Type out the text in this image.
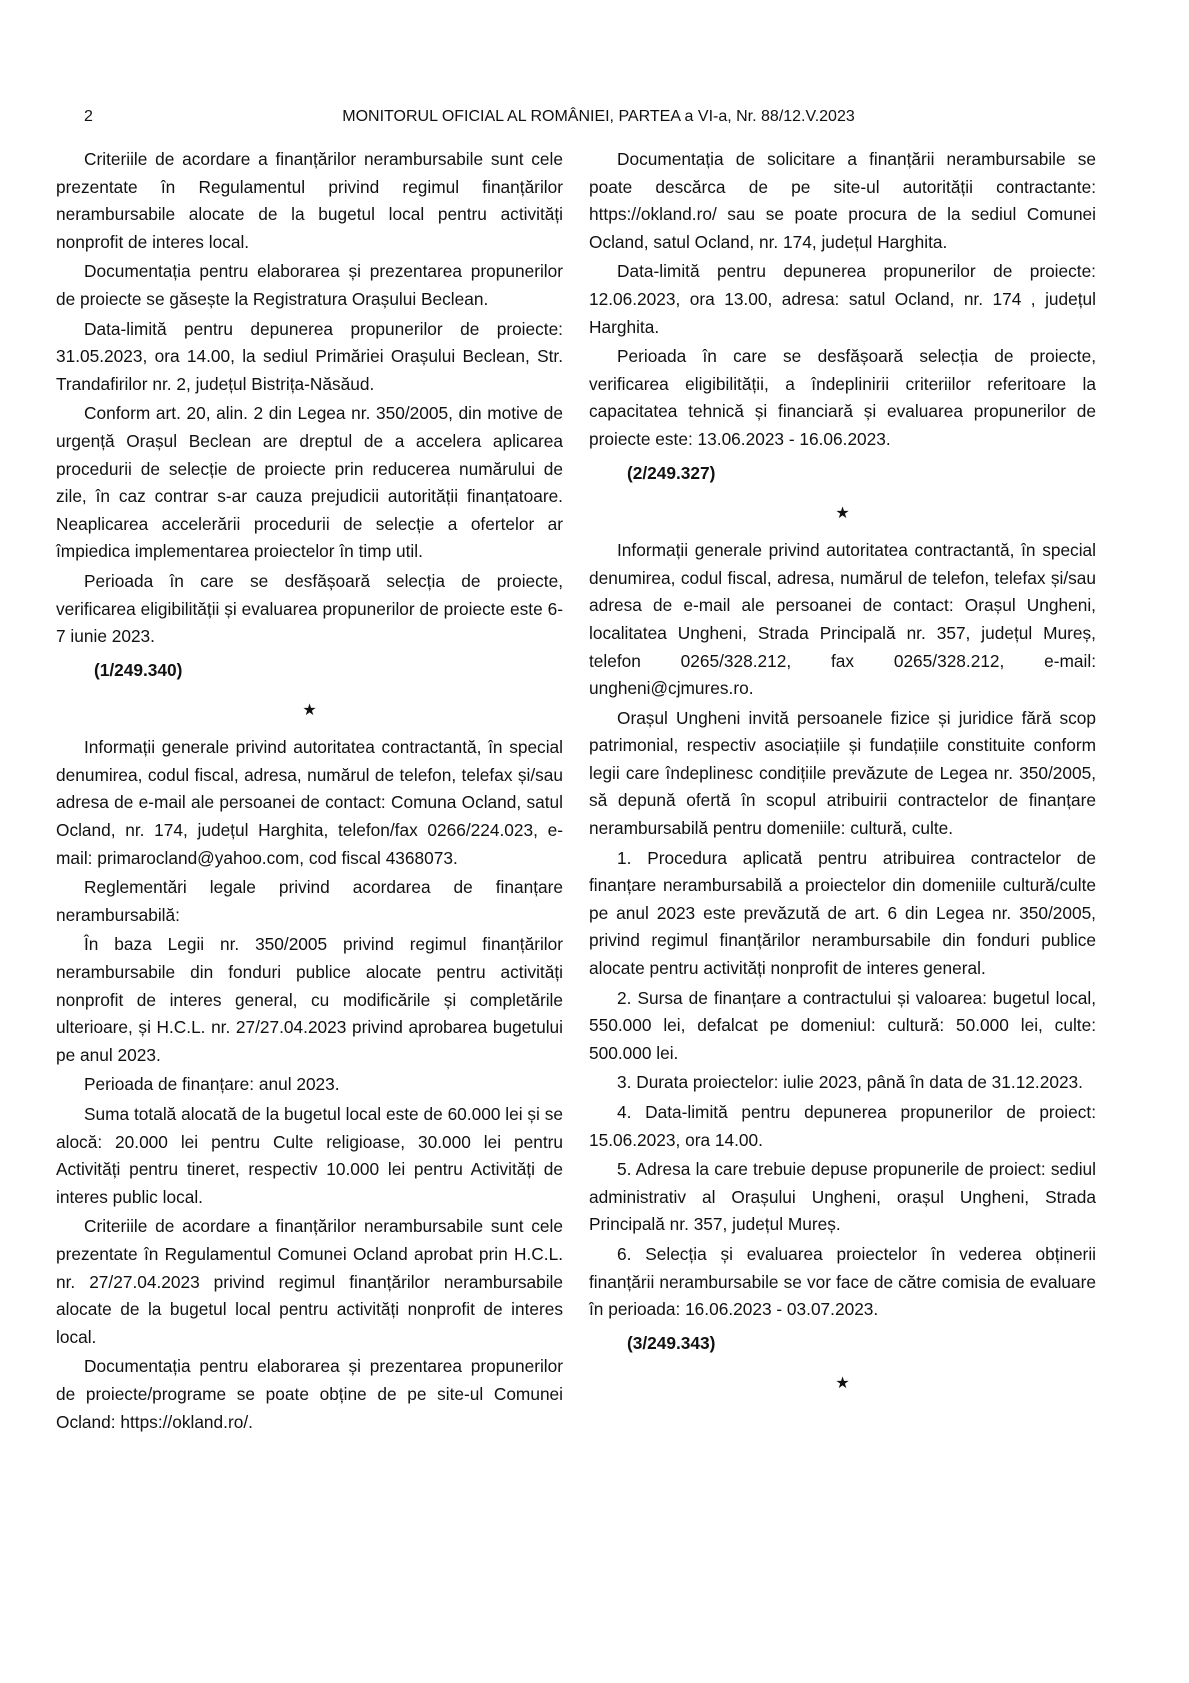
2	MONITORUL OFICIAL AL ROMÂNIEI, PARTEA a VI-a, Nr. 88/12.V.2023

Criteriile de acordare a finanțărilor nerambursabile sunt cele prezentate în Regulamentul privind regimul finanțărilor nerambursabile alocate de la bugetul local pentru activități nonprofit de interes local.

Documentația pentru elaborarea și prezentarea propunerilor de proiecte se găsește la Registratura Orașului Beclean.

Data-limită pentru depunerea propunerilor de proiecte: 31.05.2023, ora 14.00, la sediul Primăriei Orașului Beclean, Str. Trandafirilor nr. 2, județul Bistrița-Năsăud.

Conform art. 20, alin. 2 din Legea nr. 350/2005, din motive de urgență Orașul Beclean are dreptul de a accelera aplicarea procedurii de selecție de proiecte prin reducerea numărului de zile, în caz contrar s-ar cauza prejudicii autorității finanțatoare. Neaplicarea accelerării procedurii de selecție a ofertelor ar împiedica implementarea proiectelor în timp util.

Perioada în care se desfășoară selecția de proiecte, verificarea eligibilității și evaluarea propunerilor de proiecte este 6-7 iunie 2023.

(1/249.340)
★

Informații generale privind autoritatea contractantă, în special denumirea, codul fiscal, adresa, numărul de telefon, telefax și/sau adresa de e-mail ale persoanei de contact: Comuna Ocland, satul Ocland, nr. 174, județul Harghita, telefon/fax 0266/224.023, e-mail: primarocland@yahoo.com, cod fiscal 4368073.

Reglementări legale privind acordarea de finanțare nerambursabilă:

În baza Legii nr. 350/2005 privind regimul finanțărilor nerambursabile din fonduri publice alocate pentru activități nonprofit de interes general, cu modificările și completările ulterioare, și H.C.L. nr. 27/27.04.2023 privind aprobarea bugetului pe anul 2023.

Perioada de finanțare: anul 2023.

Suma totală alocată de la bugetul local este de 60.000 lei și se alocă: 20.000 lei pentru Culte religioase, 30.000 lei pentru Activități pentru tineret, respectiv 10.000 lei pentru Activități de interes public local.

Criteriile de acordare a finanțărilor nerambursabile sunt cele prezentate în Regulamentul Comunei Ocland aprobat prin H.C.L. nr. 27/27.04.2023 privind regimul finanțărilor nerambursabile alocate de la bugetul local pentru activități nonprofit de interes local.

Documentația pentru elaborarea și prezentarea propunerilor de proiecte/programe se poate obține de pe site-ul Comunei Ocland: https://okland.ro/.

Documentația de solicitare a finanțării nerambursabile se poate descărca de pe site-ul autorității contractante: https://okland.ro/ sau se poate procura de la sediul Comunei Ocland, satul Ocland, nr. 174, județul Harghita.

Data-limită pentru depunerea propunerilor de proiecte: 12.06.2023, ora 13.00, adresa: satul Ocland, nr. 174 , județul Harghita.

Perioada în care se desfășoară selecția de proiecte, verificarea eligibilității, a îndeplinirii criteriilor referitoare la capacitatea tehnică și financiară și evaluarea propunerilor de proiecte este: 13.06.2023 - 16.06.2023.

(2/249.327)
★

Informații generale privind autoritatea contractantă, în special denumirea, codul fiscal, adresa, numărul de telefon, telefax și/sau adresa de e-mail ale persoanei de contact: Orașul Ungheni, localitatea Ungheni, Strada Principală nr. 357, județul Mureș, telefon 0265/328.212, fax 0265/328.212, e-mail: ungheni@cjmures.ro.

Orașul Ungheni invită persoanele fizice și juridice fără scop patrimonial, respectiv asociațiile și fundațiile constituite conform legii care îndeplinesc condițiile prevăzute de Legea nr. 350/2005, să depună ofertă în scopul atribuirii contractelor de finanțare nerambursabilă pentru domeniile: cultură, culte.

1. Procedura aplicată pentru atribuirea contractelor de finanțare nerambursabilă a proiectelor din domeniile cultură/culte pe anul 2023 este prevăzută de art. 6 din Legea nr. 350/2005, privind regimul finanțărilor nerambursabile din fonduri publice alocate pentru activități nonprofit de interes general.

2. Sursa de finanțare a contractului și valoarea: bugetul local, 550.000 lei, defalcat pe domeniul: cultură: 50.000 lei, culte: 500.000 lei.

3. Durata proiectelor: iulie 2023, până în data de 31.12.2023.

4. Data-limită pentru depunerea propunerilor de proiect: 15.06.2023, ora 14.00.

5. Adresa la care trebuie depuse propunerile de proiect: sediul administrativ al Orașului Ungheni, orașul Ungheni, Strada Principală nr. 357, județul Mureș.

6. Selecția și evaluarea proiectelor în vederea obținerii finanțării nerambursabile se vor face de către comisia de evaluare în perioada: 16.06.2023 - 03.07.2023.

(3/249.343)
★
